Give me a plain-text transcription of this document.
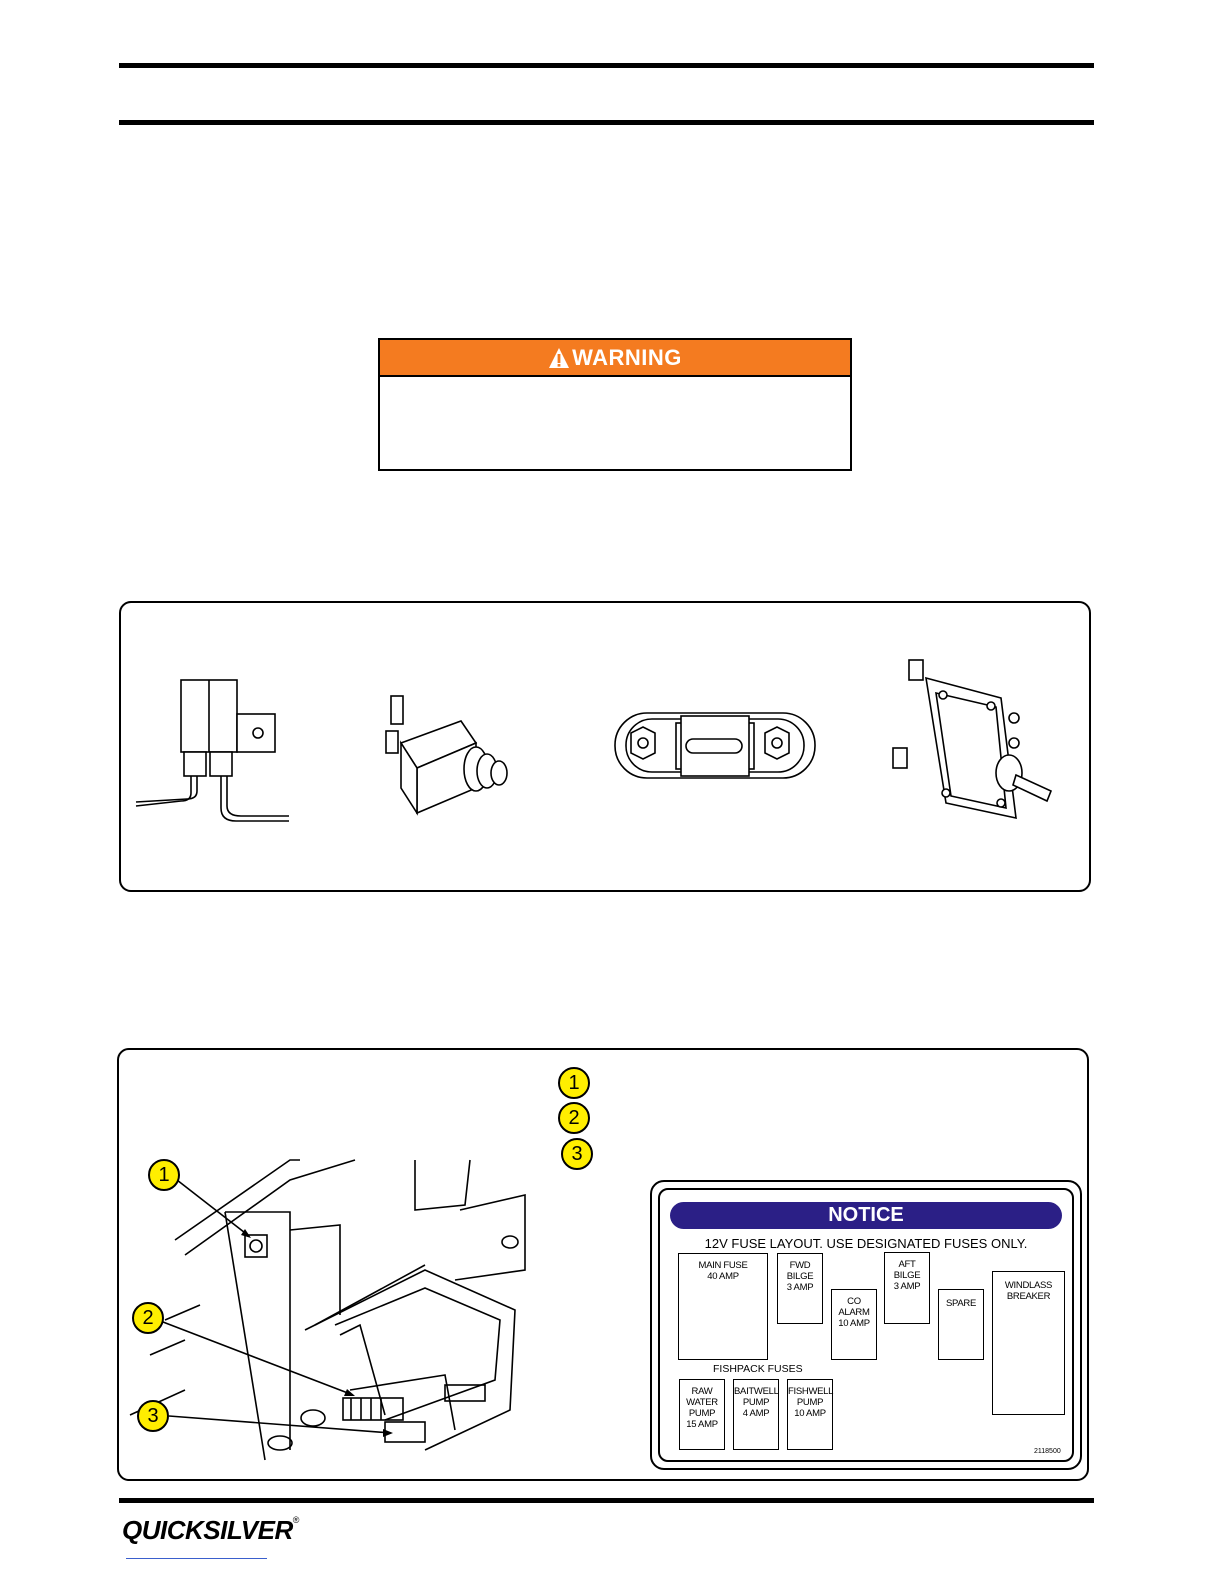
WARNING
1
2
3
1
2
3
NOTICE
12V FUSE LAYOUT. USE DESIGNATED FUSES ONLY.
MAIN FUSE
40 AMP
FWD
BILGE
3 AMP
CO
ALARM
10 AMP
AFT
BILGE
3 AMP
SPARE
WINDLASS
BREAKER
FISHPACK FUSES
RAW
WATER
PUMP
15 AMP
BAITWELL
PUMP
4 AMP
FISHWELL
PUMP
10 AMP
2118500
QUICKSILVER®
